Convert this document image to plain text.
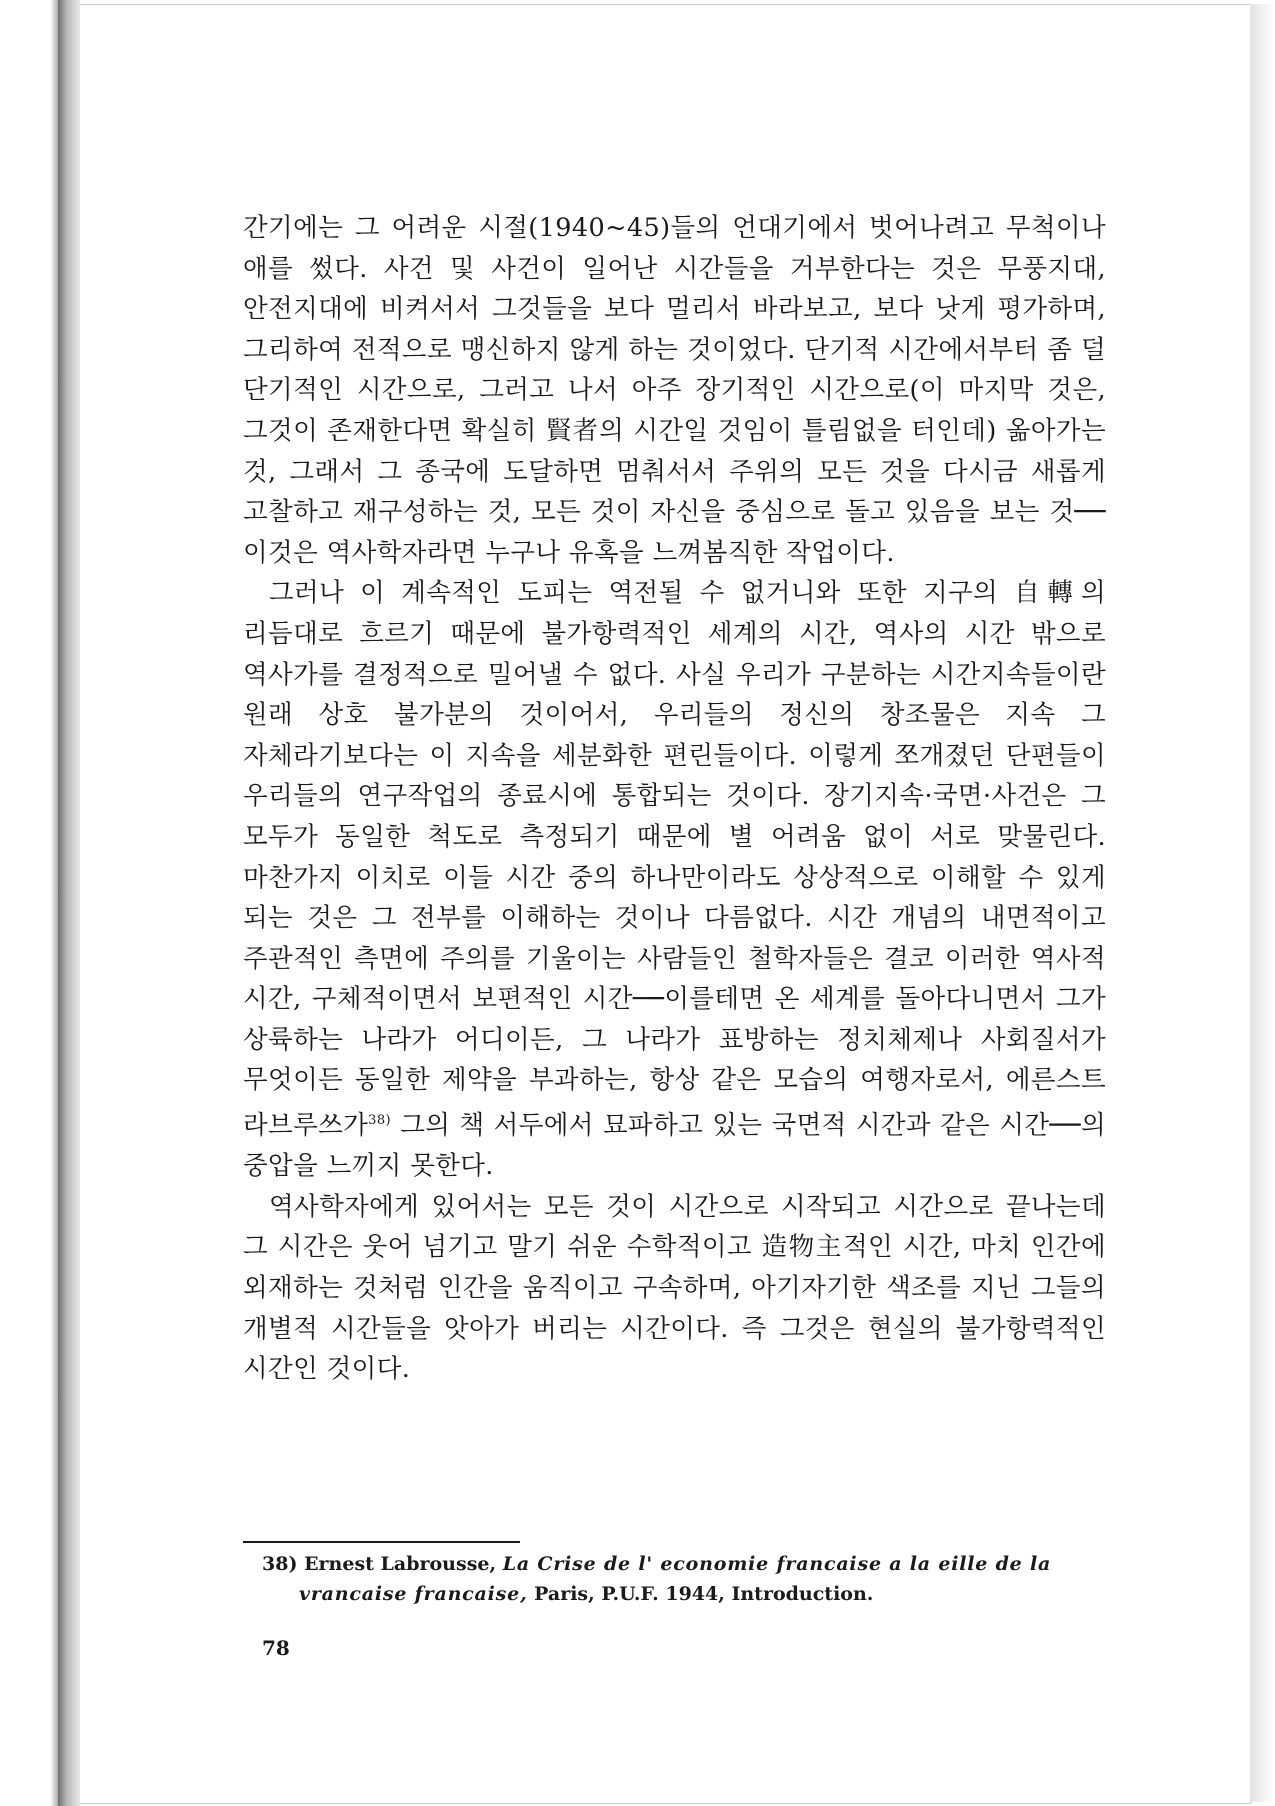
간기에는 그 어려운 시절(1940~45)들의 언대기에서 벗어나려고 무척이나 애를 썼다. 사건 및 사건이 일어난 시간들을 거부한다는 것은 무풍지대, 안전지대에 비켜서서 그것들을 보다 멀리서 바라보고, 보다 낫게 평가하며, 그리하여 전적으로 맹신하지 않게 하는 것이었다. 단기적 시간에서부터 좀 덜 단기적인 시간으로, 그러고 나서 아주 장기적인 시간으로(이 마지막 것은, 그것이 존재한다면 확실히 賢者의 시간일 것임이 틀림없을 터인데) 옮아가는 것, 그래서 그 종국에 도달하면 멈춰서서 주위의 모든 것을 다시금 새롭게 고찰하고 재구성하는 것, 모든 것이 자신을 중심으로 돌고 있음을 보는 것──이것은 역사학자라면 누구나 유혹을 느껴봄직한 작업이다.

그러나 이 계속적인 도피는 역전될 수 없거니와 또한 지구의 自轉의 리듬대로 흐르기 때문에 불가항력적인 세계의 시간, 역사의 시간 밖으로 역사가를 결정적으로 밀어낼 수 없다. 사실 우리가 구분하는 시간지속들이란 원래 상호 불가분의 것이어서, 우리들의 정신의 창조물은 지속 그 자체라기보다는 이 지속을 세분화한 편린들이다. 이렇게 쪼개졌던 단편들이 우리들의 연구작업의 종료시에 통합되는 것이다. 장기지속·국면·사건은 그 모두가 동일한 척도로 측정되기 때문에 별 어려움 없이 서로 맞물린다. 마찬가지 이치로 이들 시간 중의 하나만이라도 상상적으로 이해할 수 있게 되는 것은 그 전부를 이해하는 것이나 다름없다. 시간 개념의 내면적이고 주관적인 측면에 주의를 기울이는 사람들인 철학자들은 결코 이러한 역사적 시간, 구체적이면서 보편적인 시간──이를테면 온 세계를 돌아다니면서 그가 상륙하는 나라가 어디이든, 그 나라가 표방하는 정치체제나 사회질서가 무엇이든 동일한 제약을 부과하는, 항상 같은 모습의 여행자로서, 에른스트 라브루쓰가$^{38)}$ 그의 책 서두에서 묘파하고 있는 국면적 시간과 같은 시간──의 중압을 느끼지 못한다.

역사학자에게 있어서는 모든 것이 시간으로 시작되고 시간으로 끝나는데 그 시간은 웃어 넘기고 말기 쉬운 수학적이고 造物主적인 시간, 마치 인간에 외재하는 것처럼 인간을 움직이고 구속하며, 아기자기한 색조를 지닌 그들의 개별적 시간들을 앗아가 버리는 시간이다. 즉 그것은 현실의 불가항력적인 시간인 것이다.

38) Ernest Labrousse, La Crise de l' economie francaise a la eille de la vrancaise francaise, Paris, P.U.F. 1944, Introduction.
78
